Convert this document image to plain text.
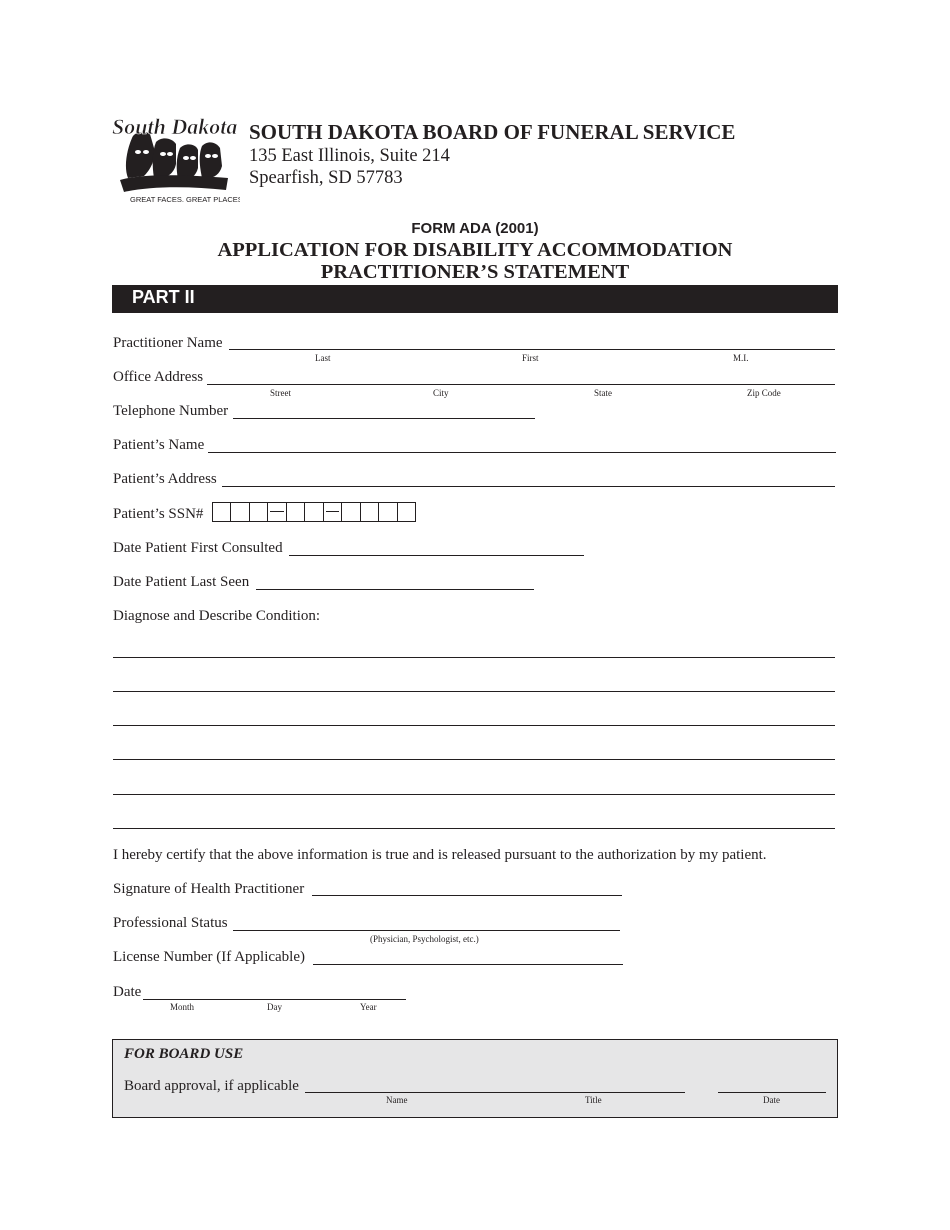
South Dakota
GREAT FACES. GREAT PLACES.
SOUTH DAKOTA BOARD OF FUNERAL SERVICE
135 East Illinois, Suite 214
Spearfish, SD 57783
FORM ADA (2001)
APPLICATION FOR DISABILITY ACCOMMODATION
PRACTITIONER’S STATEMENT
PART II
Practitioner Name
Last	First	M.I.
Office Address
Street	City	State	Zip Code
Telephone Number
Patient’s Name
Patient’s Address
Patient’s SSN#
Date Patient First Consulted
Date Patient Last Seen
Diagnose and Describe Condition:
I hereby certify that the above information is true and is released pursuant to the authorization by my patient.
Signature of Health Practitioner
Professional Status
(Physician, Psychologist, etc.)
License Number (If Applicable)
Date
Month	Day	Year
FOR BOARD USE
Board approval, if applicable
Name	Title	Date
